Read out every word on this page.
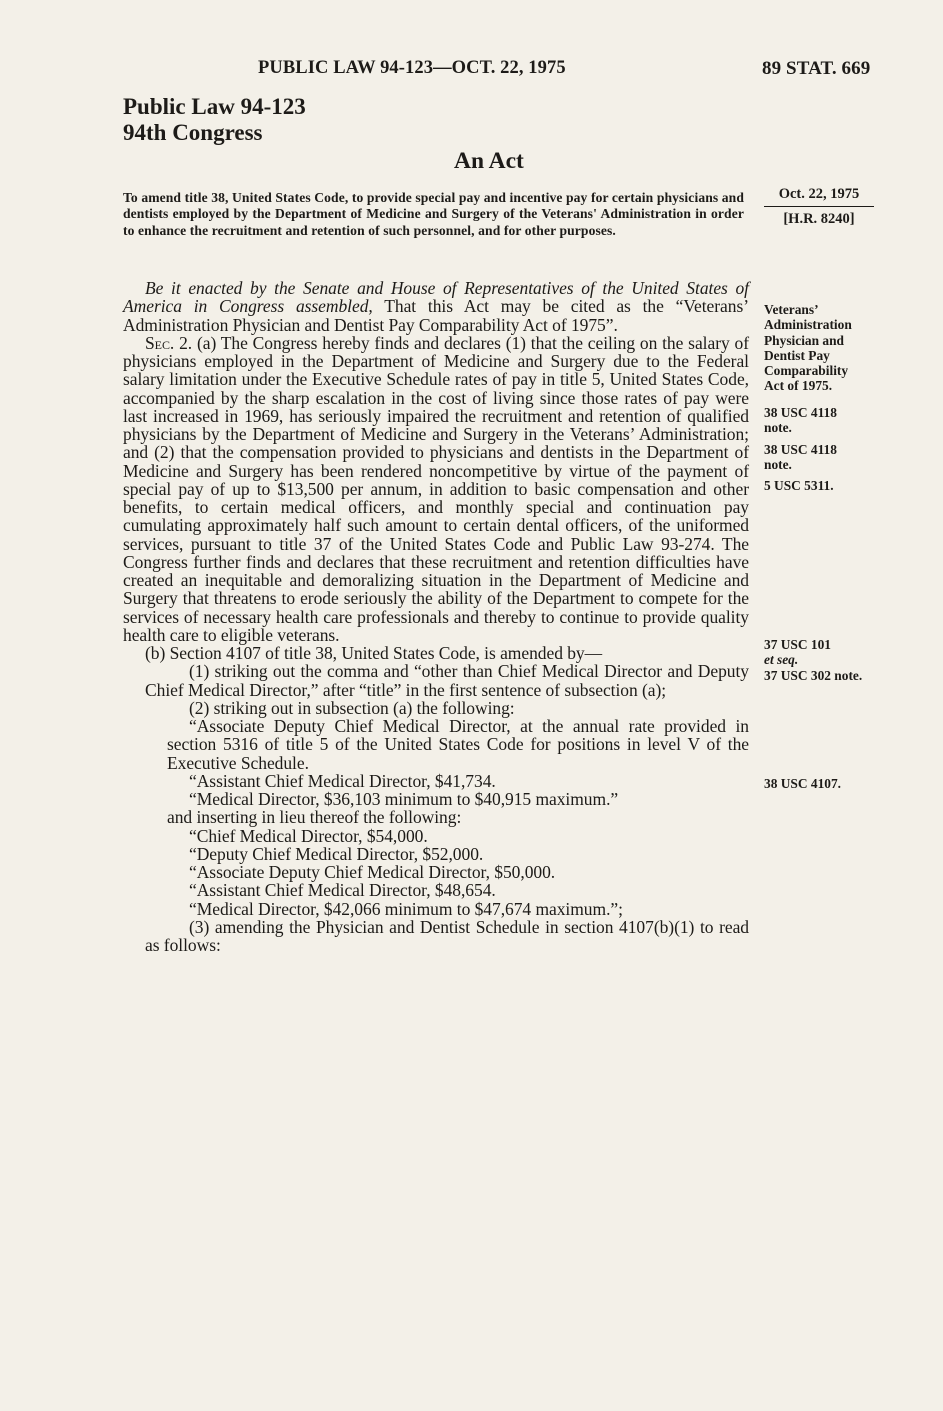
PUBLIC LAW 94-123—OCT. 22, 1975	89 STAT. 669
Public Law 94-123
94th Congress
An Act
To amend title 38, United States Code, to provide special pay and incentive pay for certain physicians and dentists employed by the Department of Medicine and Surgery of the Veterans' Administration in order to enhance the recruitment and retention of such personnel, and for other purposes.
Oct. 22, 1975
[H.R. 8240]

Be it enacted by the Senate and House of Representatives of the United States of America in Congress assembled, That this Act may be cited as the “Veterans’ Administration Physician and Dentist Pay Comparability Act of 1975”.

Sec. 2. (a) The Congress hereby finds and declares (1) that the ceiling on the salary of physicians employed in the Department of Medicine and Surgery due to the Federal salary limitation under the Executive Schedule rates of pay in title 5, United States Code, accompanied by the sharp escalation in the cost of living since those rates of pay were last increased in 1969, has seriously impaired the recruitment and retention of qualified physicians by the Department of Medicine and Surgery in the Veterans’ Administration; and (2) that the compensation provided to physicians and dentists in the Department of Medicine and Surgery has been rendered noncompetitive by virtue of the payment of special pay of up to $13,500 per annum, in addition to basic compensation and other benefits, to certain medical officers, and monthly special and continuation pay cumulating approximately half such amount to certain dental officers, of the uniformed services, pursuant to title 37 of the United States Code and Public Law 93-274. The Congress further finds and declares that these recruitment and retention difficulties have created an inequitable and demoralizing situation in the Department of Medicine and Surgery that threatens to erode seriously the ability of the Department to compete for the services of necessary health care professionals and thereby to continue to provide quality health care to eligible veterans.

(b) Section 4107 of title 38, United States Code, is amended by—

(1) striking out the comma and “other than Chief Medical Director and Deputy Chief Medical Director,” after “title” in the first sentence of subsection (a);

(2) striking out in subsection (a) the following:

“Associate Deputy Chief Medical Director, at the annual rate provided in section 5316 of title 5 of the United States Code for positions in level V of the Executive Schedule.

“Assistant Chief Medical Director, $41,734.

“Medical Director, $36,103 minimum to $40,915 maximum.”

and inserting in lieu thereof the following:

“Chief Medical Director, $54,000.

“Deputy Chief Medical Director, $52,000.

“Associate Deputy Chief Medical Director, $50,000.

“Assistant Chief Medical Director, $48,654.

“Medical Director, $42,066 minimum to $47,674 maximum.”;

(3) amending the Physician and Dentist Schedule in section 4107(b)(1) to read as follows:

Veterans’
Administration
Physician and
Dentist Pay
Comparability
Act of 1975.
38 USC 4118
note.
38 USC 4118
note.
5 USC 5311.
37 USC 101
et seq.
37 USC 302 note.
38 USC 4107.
